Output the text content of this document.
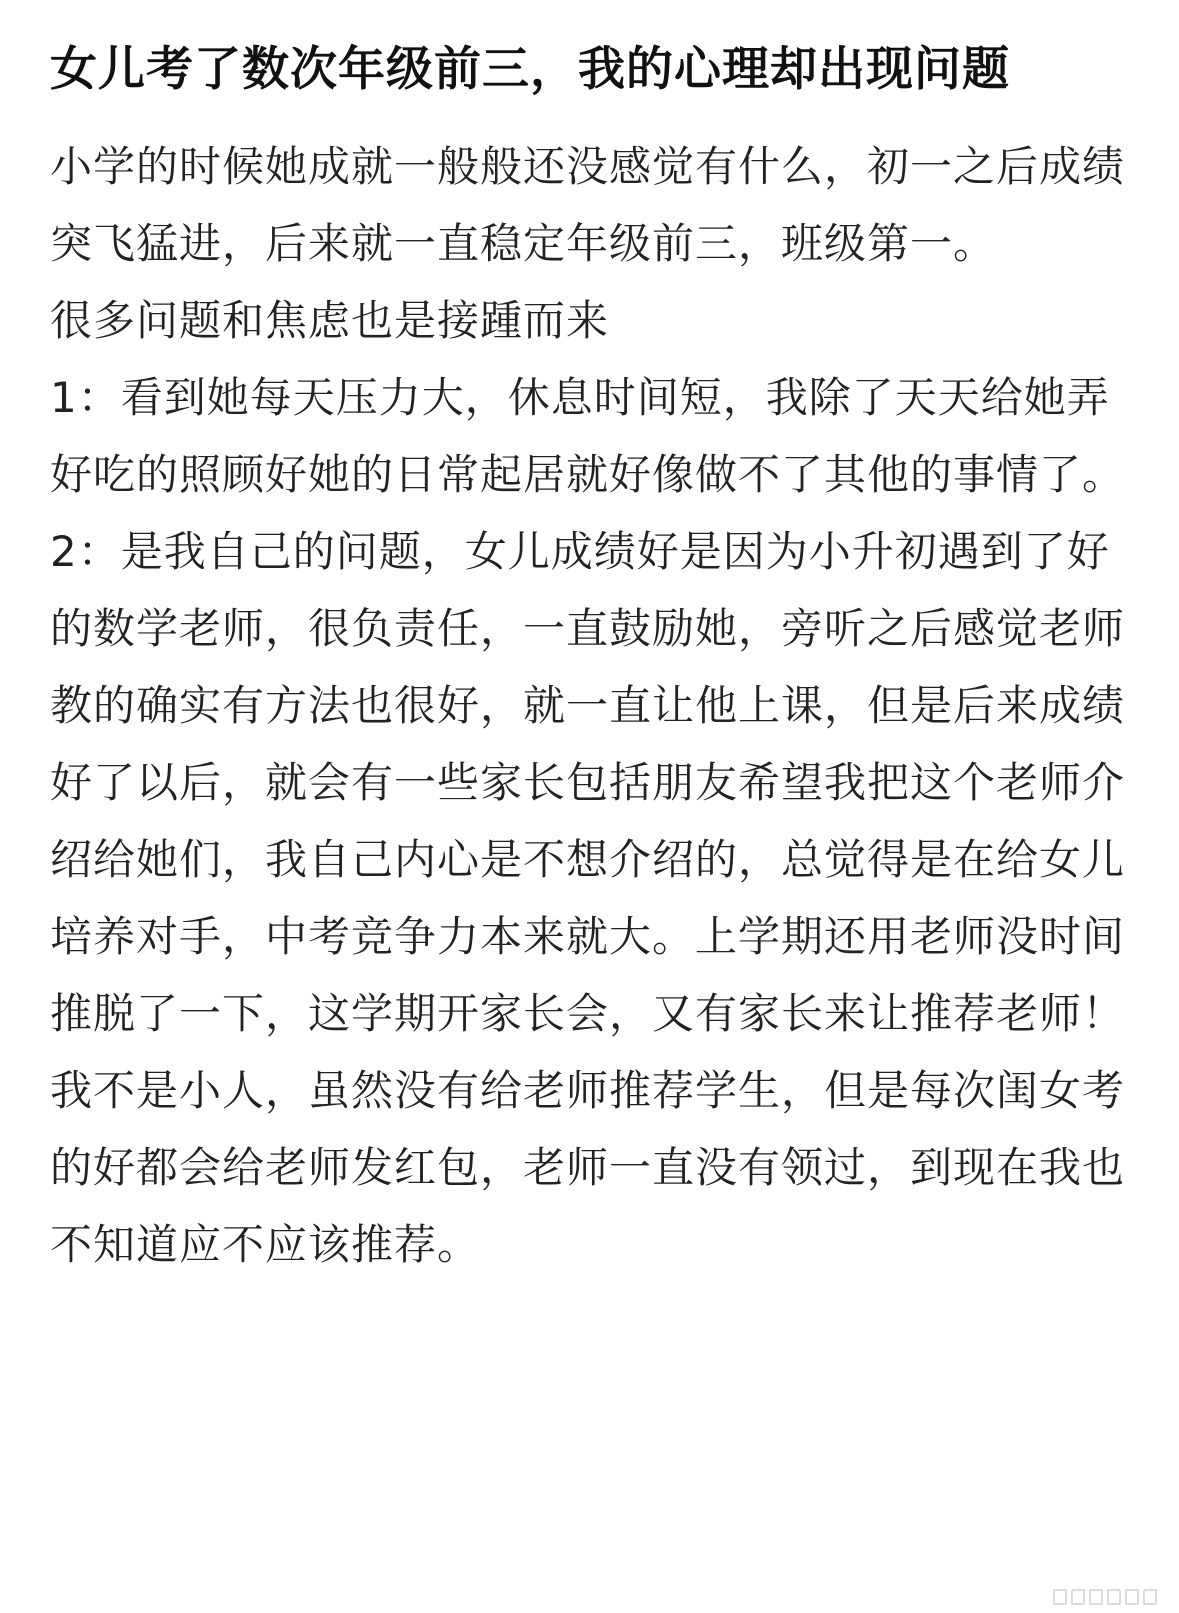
女儿考了数次年级前三，我的心理却出现问题

小学的时候她成就一般般还没感觉有什么，初一之后成绩突飞猛进，后来就一直稳定年级前三，班级第一。

很多问题和焦虑也是接踵而来

1：看到她每天压力大，休息时间短，我除了天天给她弄好吃的照顾好她的日常起居就好像做不了其他的事情了。

2：是我自己的问题，女儿成绩好是因为小升初遇到了好的数学老师，很负责任，一直鼓励她，旁听之后感觉老师教的确实有方法也很好，就一直让他上课，但是后来成绩好了以后，就会有一些家长包括朋友希望我把这个老师介绍给她们，我自己内心是不想介绍的，总觉得是在给女儿培养对手，中考竞争力本来就大。上学期还用老师没时间推脱了一下，这学期开家长会，又有家长来让推荐老师！

我不是小人，虽然没有给老师推荐学生，但是每次闺女考的好都会给老师发红包，老师一直没有领过，到现在我也不知道应不应该推荐。
